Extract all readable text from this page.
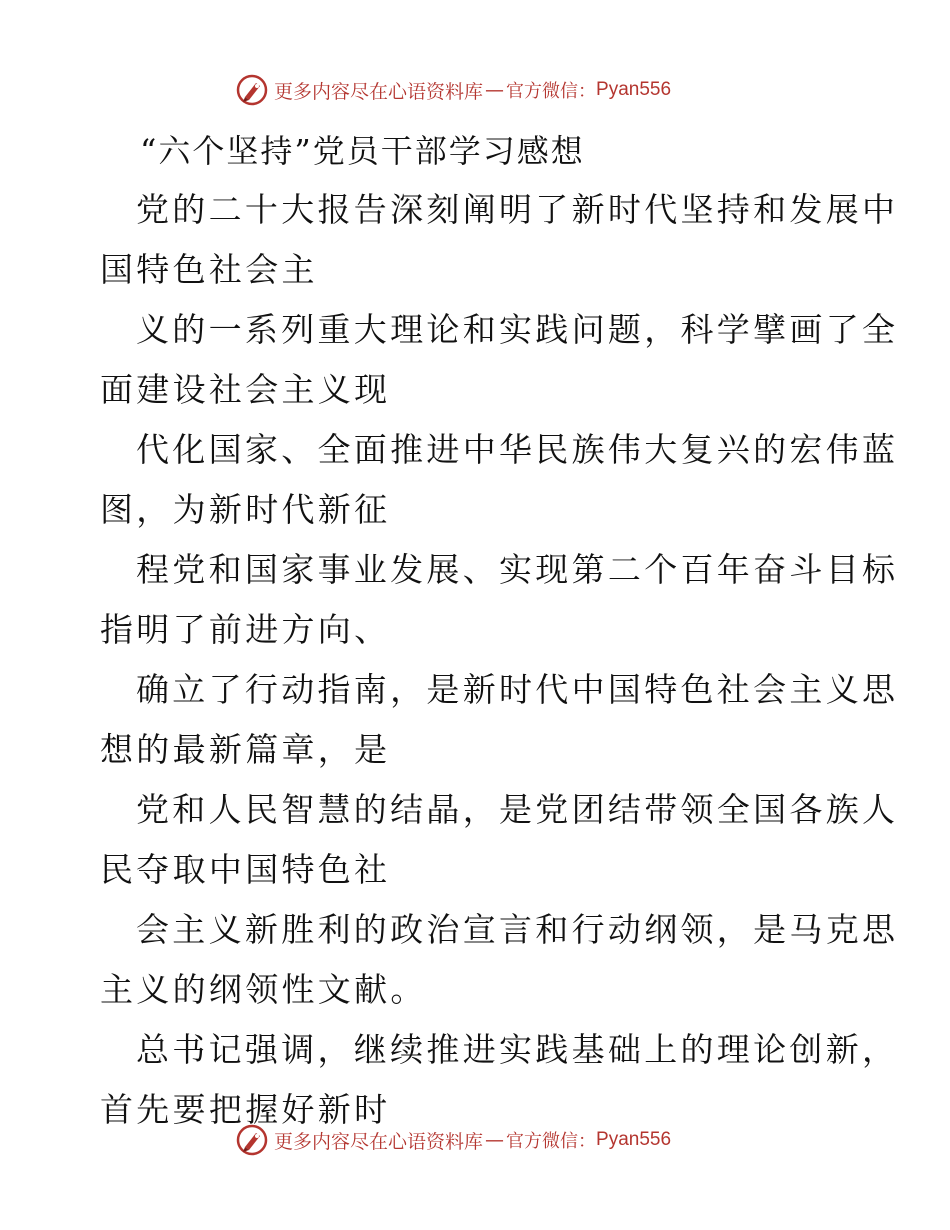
更多内容尽在心语资料库 — 官方微信： Pyan556
“六个坚持”党员干部学习感想
党的二十大报告深刻阐明了新时代坚持和发展中
国特色社会主
义的一系列重大理论和实践问题，科学擘画了全
面建设社会主义现
代化国家、全面推进中华民族伟大复兴的宏伟蓝
图，为新时代新征
程党和国家事业发展、实现第二个百年奋斗目标
指明了前进方向、
确立了行动指南，是新时代中国特色社会主义思
想的最新篇章，是
党和人民智慧的结晶，是党团结带领全国各族人
民夺取中国特色社
会主义新胜利的政治宣言和行动纲领，是马克思
主义的纲领性文献。
总书记强调，继续推进实践基础上的理论创新，
首先要把握好新时
更多内容尽在心语资料库 — 官方微信： Pyan556
